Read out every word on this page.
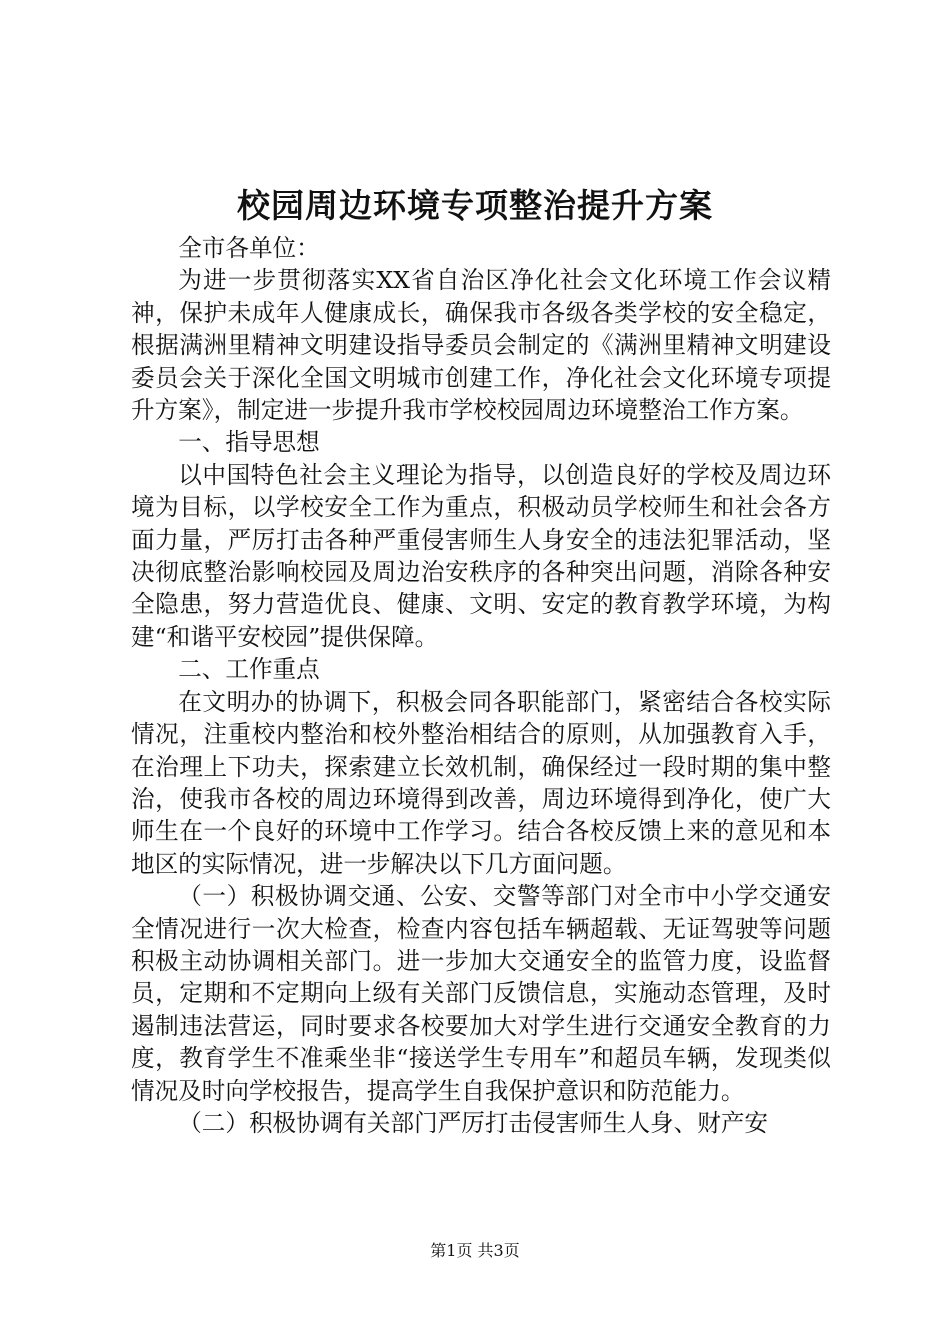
校园周边环境专项整治提升方案

全市各单位：

为进一步贯彻落实XX省自治区净化社会文化环境工作会议精神，保护未成年人健康成长，确保我市各级各类学校的安全稳定，根据满洲里精神文明建设指导委员会制定的《满洲里精神文明建设委员会关于深化全国文明城市创建工作，净化社会文化环境专项提升方案》，制定进一步提升我市学校校园周边环境整治工作方案。

一、指导思想

以中国特色社会主义理论为指导，以创造良好的学校及周边环境为目标，以学校安全工作为重点，积极动员学校师生和社会各方面力量，严厉打击各种严重侵害师生人身安全的违法犯罪活动，坚决彻底整治影响校园及周边治安秩序的各种突出问题，消除各种安全隐患，努力营造优良、健康、文明、安定的教育教学环境，为构建“和谐平安校园”提供保障。

二、工作重点

在文明办的协调下，积极会同各职能部门，紧密结合各校实际情况，注重校内整治和校外整治相结合的原则，从加强教育入手，在治理上下功夫，探索建立长效机制，确保经过一段时期的集中整治，使我市各校的周边环境得到改善，周边环境得到净化，使广大师生在一个良好的环境中工作学习。结合各校反馈上来的意见和本地区的实际情况，进一步解决以下几方面问题。

（一）积极协调交通、公安、交警等部门对全市中小学交通安全情况进行一次大检查，检查内容包括车辆超载、无证驾驶等问题积极主动协调相关部门。进一步加大交通安全的监管力度，设监督员，定期和不定期向上级有关部门反馈信息，实施动态管理，及时遏制违法营运，同时要求各校要加大对学生进行交通安全教育的力度，教育学生不准乘坐非“接送学生专用车”和超员车辆，发现类似情况及时向学校报告，提高学生自我保护意识和防范能力。

（二）积极协调有关部门严厉打击侵害师生人身、财产安

第1页 共3页
